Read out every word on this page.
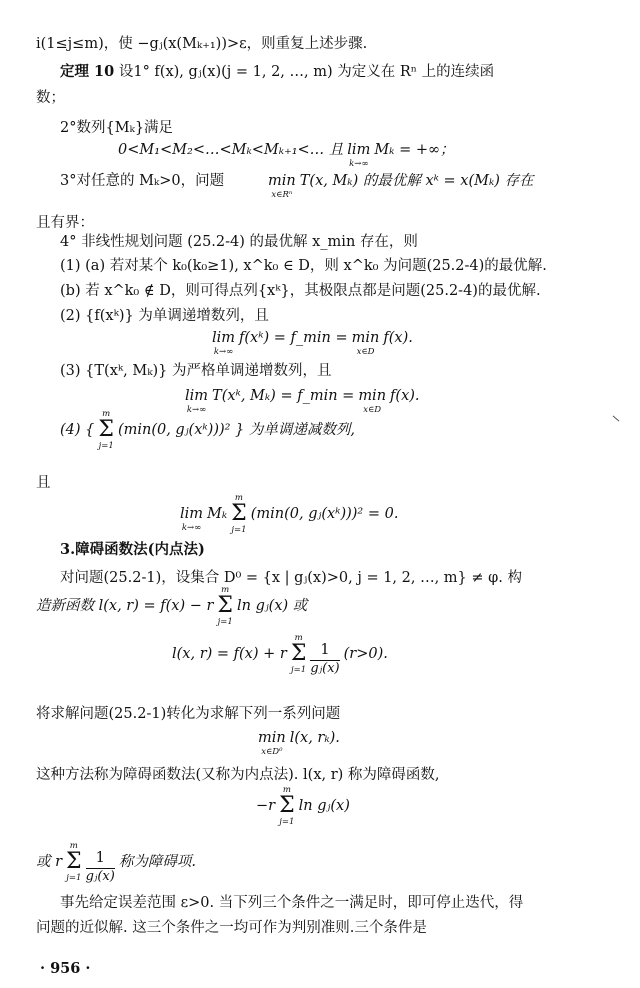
i(1≤j≤m)，使 −gⱼ(x(Mₖ₊₁))>ε，则重复上述步骤.
定理 10 设1° f(x), gⱼ(x)(j = 1, 2, …, m) 为定义在 Rⁿ 上的连续函
数；
2°数列{Mₖ}满足
3°对任意的 Mₖ>0，问题
且有界：
4° 非线性规划问题 (25.2-4) 的最优解 x_min 存在，则
(1) (a) 若对某个 k₀(k₀≥1), x^k₀ ∈ D，则 x^k₀ 为问题(25.2-4)的最优解.
(b) 若 x^k₀ ∉ D，则可得点列{xᵏ}，其极限点都是问题(25.2-4)的最优解.
(2) {f(xᵏ)} 为单调递增数列，且
(3) {T(xᵏ, Mₖ)} 为严格单调递增数列，且
且
3.障碍函数法(内点法)
对问题(25.2-1)，设集合 D⁰ = {x | gⱼ(x)>0, j = 1, 2, …, m} ≠ φ. 构
将求解问题(25.2-1)转化为求解下列一系列问题
这种方法称为障碍函数法(又称为内点法). l(x, r) 称为障碍函数,
事先给定误差范围 ε>0. 当下列三个条件之一满足时，即可停止迭代，得
问题的近似解. 这三个条件之一均可作为判别准则.三个条件是
0<M₁<M₂<…<Mₖ<Mₖ₊₁<… 且 lim
k→∞
Mₖ = +∞；
min
x∈Rⁿ
T(x, Mₖ) 的最优解 xᵏ = x(Mₖ) 存在
lim
k→∞
f(xᵏ) = f_min = min
x∈D
f(x).
lim
k→∞
T(xᵏ, Mₖ) = f_min = min
x∈D
f(x).
(4) {
m
Σ
j=1
(min(0, gⱼ(xᵏ)))² } 为单调递减数列,
lim
k→∞
Mₖ
m
Σ
j=1
(min(0, gⱼ(xᵏ)))² = 0.
造新函数 l(x, r) = f(x) − r
m
Σ
j=1
ln gⱼ(x) 或
l(x, r) = f(x) + r
m
Σ
$j=1 \frac{1}{\text{gⱼ(x)}} (r>0)$.
min
x∈D⁰
l(x, rₖ).
−r
m
Σ
j=1
ln gⱼ(x)
或 r
m
Σ
$j=1 \frac{1}{\text{gⱼ(x)}}$ 称为障碍项.
· 956 ·
